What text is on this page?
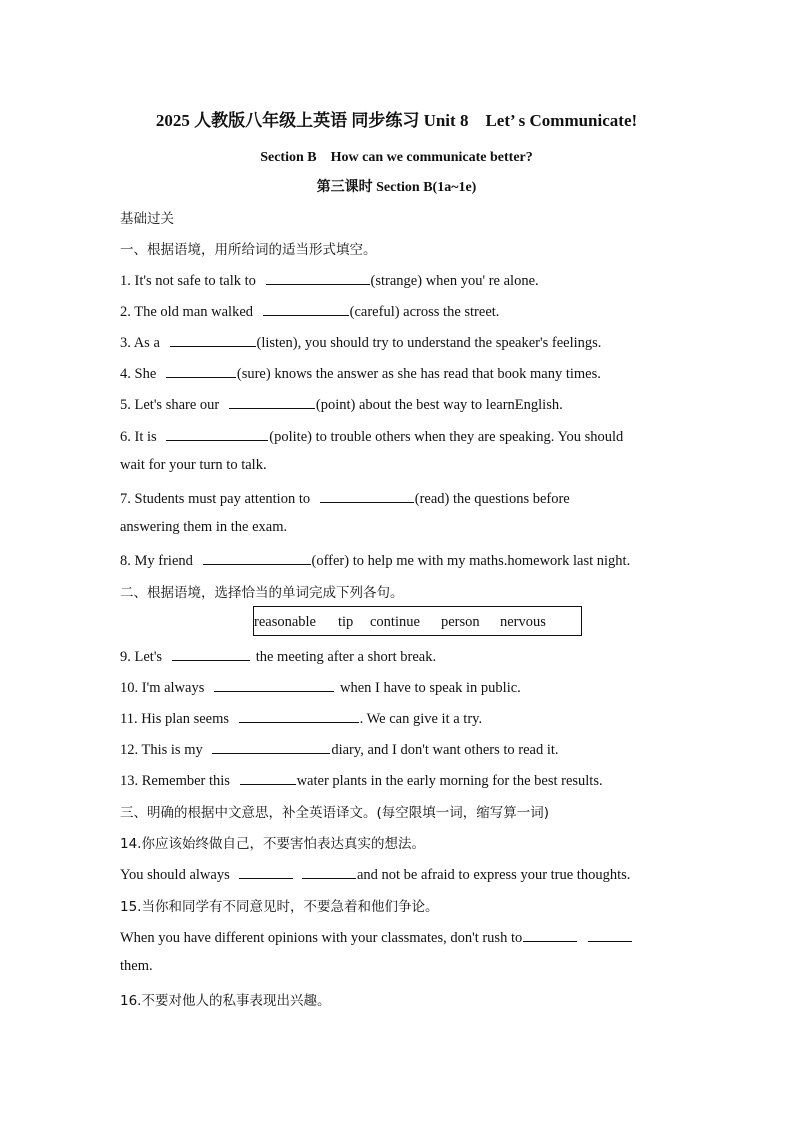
2025 人教版八年级上英语 同步练习 Unit 8　Let’ s Communicate!
Section B　How can we communicate better?
第三课时 Section B(1a~1e)
基础过关
一、根据语境，用所给词的适当形式填空。
1. It's not safe to talk to	(strange) when you' re alone.
2. The old man walked	(careful) across the street.
3. As a	(listen), you should try to understand the speaker's feelings.
4. She	(sure) knows the answer as she has read that book many times.
5. Let's share our	(point) about the best way to learnEnglish.
6. It is	(polite) to trouble others when they are speaking. You should
wait for your turn to talk.
7. Students must pay attention to	(read) the questions before
answering them in the exam.
8. My friend	(offer) to help me with my maths.homework last night.
二、根据语境，选择恰当的单词完成下列各句。
reasonable tip continue person nervous
9. Let's	the meeting after a short break.
10. I'm always	when I have to speak in public.
11. His plan seems	. We can give it a try.
12. This is my	diary, and I don't want others to read it.
13. Remember this	water plants in the early morning for the best results.
三、明确的根据中文意思，补全英语译文。(每空限填一词，缩写算一词)
14.你应该始终做自己，不要害怕表达真实的想法。
You should always	and not be afraid to express your true thoughts.
15.当你和同学有不同意见时，不要急着和他们争论。
When you have different opinions with your classmates, don't rush to
them.
16.不要对他人的私事表现出兴趣。
